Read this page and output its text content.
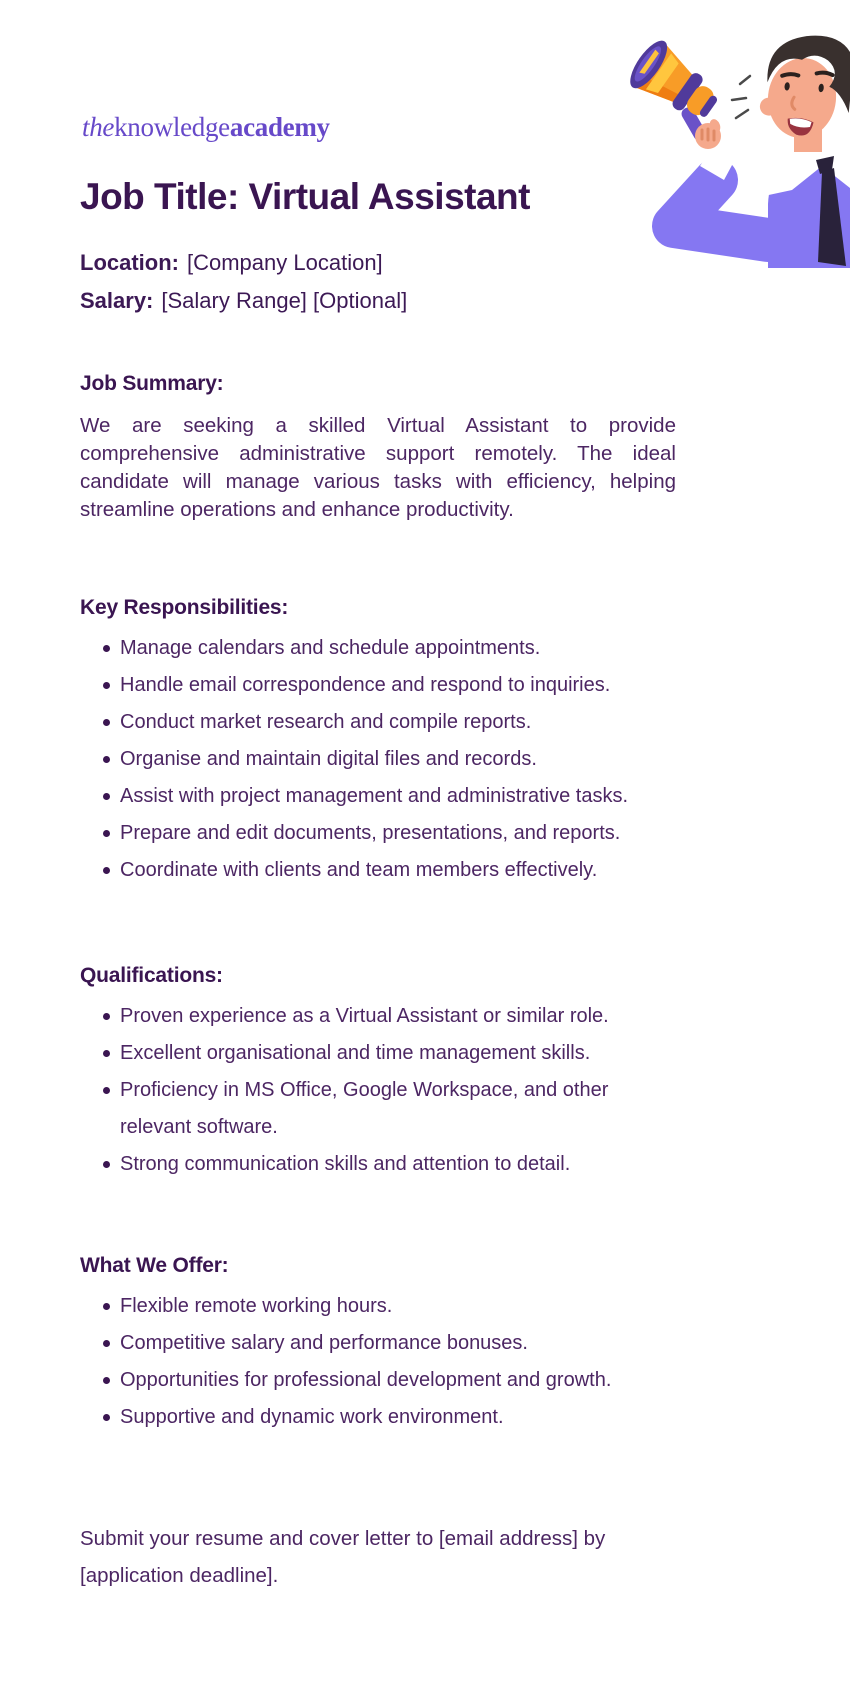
theknowledgeacademy
Job Title: Virtual Assistant
Location: [Company Location]
Salary: [Salary Range] [Optional]
Job Summary:

We are seeking a skilled Virtual Assistant to provide comprehensive administrative support remotely. The ideal candidate will manage various tasks with efficiency, helping streamline operations and enhance productivity.

Key Responsibilities:
Manage calendars and schedule appointments.
Handle email correspondence and respond to inquiries.
Conduct market research and compile reports.
Organise and maintain digital files and records.
Assist with project management and administrative tasks.
Prepare and edit documents, presentations, and reports.
Coordinate with clients and team members effectively.
Qualifications:
Proven experience as a Virtual Assistant or similar role.
Excellent organisational and time management skills.
Proficiency in MS Office, Google Workspace, and other relevant software.
Strong communication skills and attention to detail.
What We Offer:
Flexible remote working hours.
Competitive salary and performance bonuses.
Opportunities for professional development and growth.
Supportive and dynamic work environment.

Submit your resume and cover letter to [email address] by [application deadline].
